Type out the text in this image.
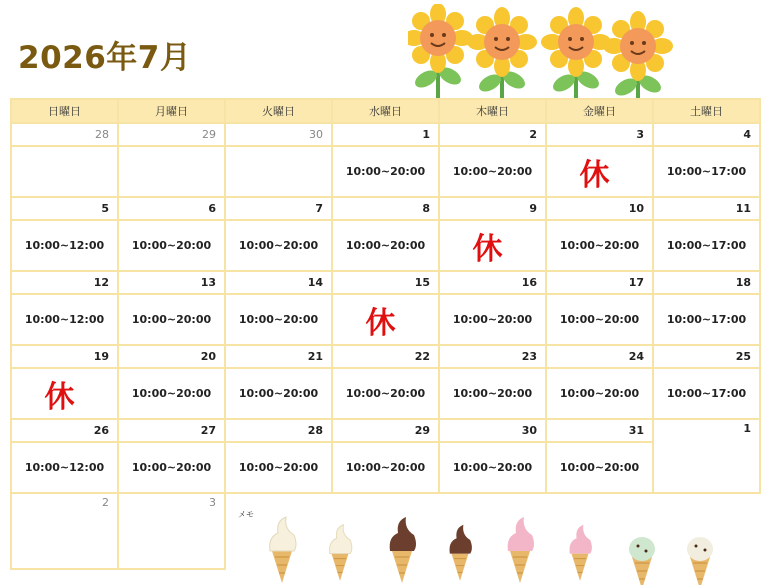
2026年7月
日曜日	月曜日	火曜日	水曜日	木曜日	金曜日	土曜日
28	29	30	1	2	3	4
			10:00~20:00	10:00~20:00	休	10:00~17:00
5	6	7	8	9	10	11
10:00~12:00	10:00~20:00	10:00~20:00	10:00~20:00	休	10:00~20:00	10:00~17:00
12	13	14	15	16	17	18
10:00~12:00	10:00~20:00	10:00~20:00	休	10:00~20:00	10:00~20:00	10:00~17:00
19	20	21	22	23	24	25
休	10:00~20:00	10:00~20:00	10:00~20:00	10:00~20:00	10:00~20:00	10:00~17:00
26	27	28	29	30	31	1
10:00~12:00	10:00~20:00	10:00~20:00	10:00~20:00	10:00~20:00	10:00~20:00	
2	3					
メモ
